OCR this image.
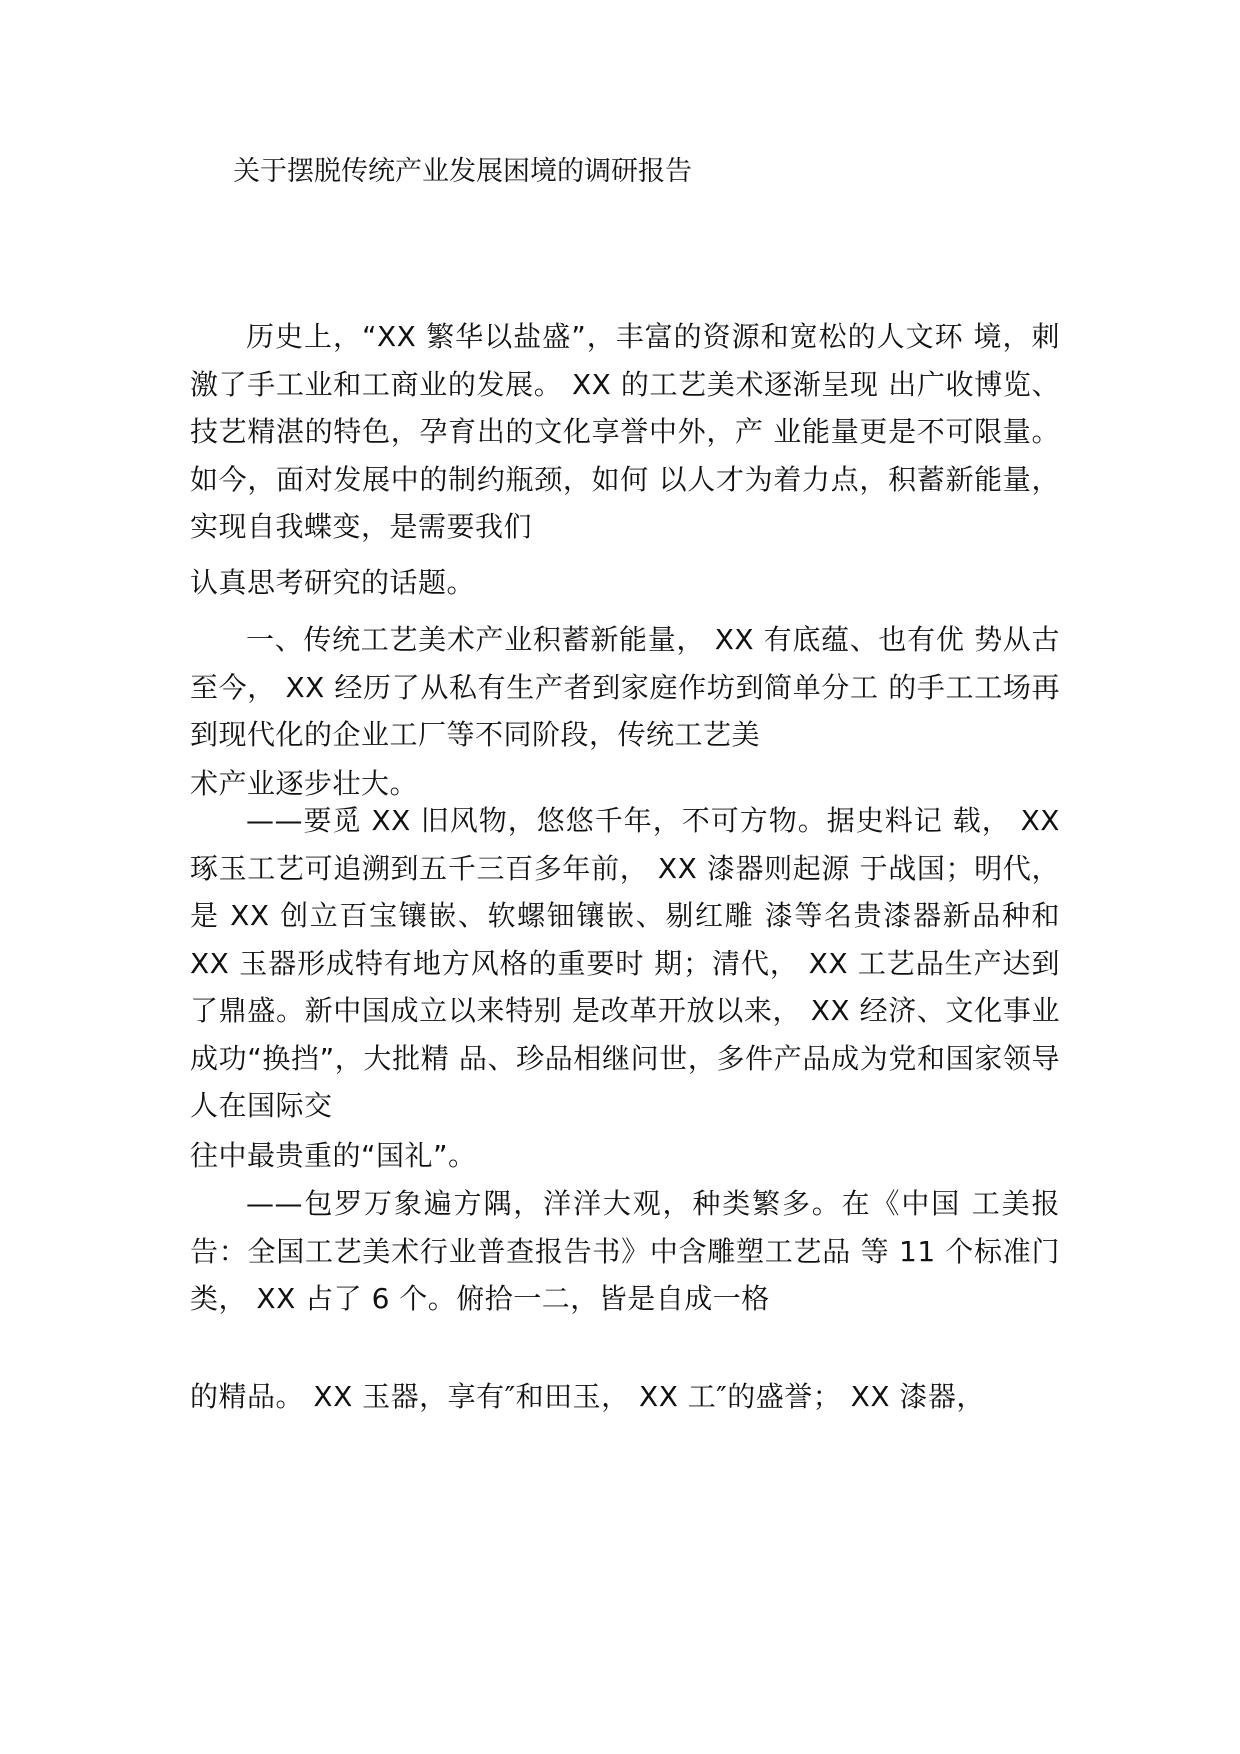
关于摆脱传统产业发展困境的调研报告

历史上，“XX 繁华以盐盛”，丰富的资源和宽松的人文环 境，刺激了手工业和工商业的发展。 XX 的工艺美术逐渐呈现 出广收博览、技艺精湛的特色，孕育出的文化享誉中外，产 业能量更是不可限量。如今，面对发展中的制约瓶颈，如何 以人才为着力点，积蓄新能量，实现自我蝶变，是需要我们

认真思考研究的话题。

一、传统工艺美术产业积蓄新能量， XX 有底蕴、也有优 势从古至今， XX 经历了从私有生产者到家庭作坊到简单分工 的手工工场再到现代化的企业工厂等不同阶段，传统工艺美

术产业逐步壮大。

——要觅 XX 旧风物，悠悠千年，不可方物。据史料记 载， XX 琢玉工艺可追溯到五千三百多年前， XX 漆器则起源 于战国；明代，是 XX 创立百宝镶嵌、软螺钿镶嵌、剔红雕 漆等名贵漆器新品种和 XX 玉器形成特有地方风格的重要时 期；清代， XX 工艺品生产达到了鼎盛。新中国成立以来特别 是改革开放以来， XX 经济、文化事业成功“换挡”，大批精 品、珍品相继问世，多件产品成为党和国家领导人在国际交

往中最贵重的“国礼”。

——包罗万象遍方隅，洋洋大观，种类繁多。在《中国 工美报告：全国工艺美术行业普查报告书》中含雕塑工艺品 等 11 个标准门类， XX 占了 6 个。俯拾一二，皆是自成一格

的精品。 XX 玉器，享有″和田玉， XX 工″的盛誉； XX 漆器，
